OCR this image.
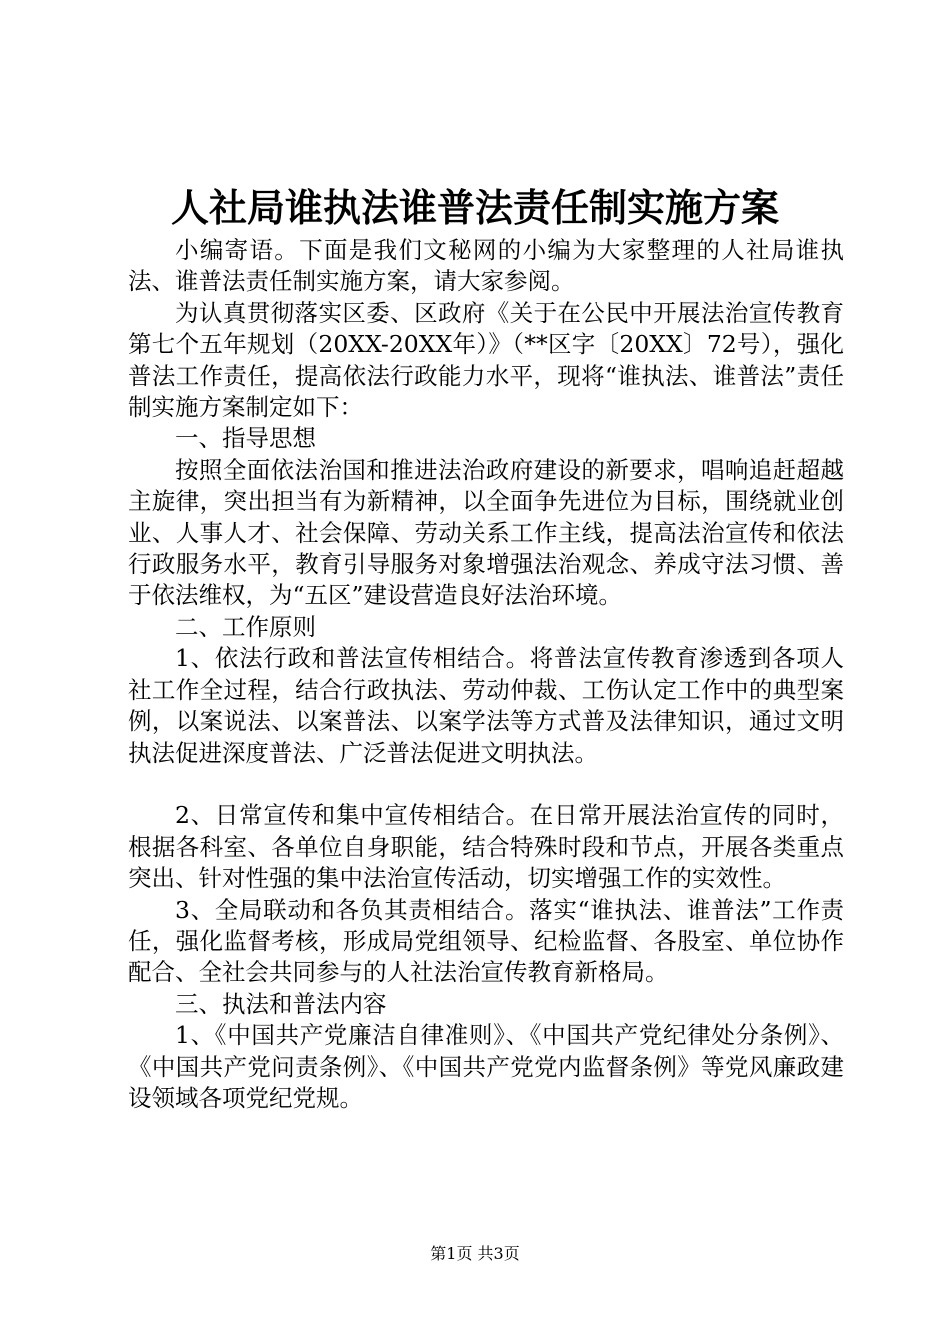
人社局谁执法谁普法责任制实施方案

小编寄语。下面是我们文秘网的小编为大家整理的人社局谁执法、谁普法责任制实施方案，请大家参阅。

为认真贯彻落实区委、区政府《关于在公民中开展法治宣传教育第七个五年规划（20XX-20XX年）》（**区字〔20XX〕72号），强化普法工作责任，提高依法行政能力水平，现将“谁执法、谁普法”责任制实施方案制定如下：

一、指导思想

按照全面依法治国和推进法治政府建设的新要求，唱响追赶超越主旋律，突出担当有为新精神，以全面争先进位为目标，围绕就业创业、人事人才、社会保障、劳动关系工作主线，提高法治宣传和依法行政服务水平，教育引导服务对象增强法治观念、养成守法习惯、善于依法维权，为“五区”建设营造良好法治环境。

二、工作原则

1、依法行政和普法宣传相结合。将普法宣传教育渗透到各项人社工作全过程，结合行政执法、劳动仲裁、工伤认定工作中的典型案例，以案说法、以案普法、以案学法等方式普及法律知识，通过文明执法促进深度普法、广泛普法促进文明执法。

2、日常宣传和集中宣传相结合。在日常开展法治宣传的同时，根据各科室、各单位自身职能，结合特殊时段和节点，开展各类重点突出、针对性强的集中法治宣传活动，切实增强工作的实效性。

3、全局联动和各负其责相结合。落实“谁执法、谁普法”工作责任，强化监督考核，形成局党组领导、纪检监督、各股室、单位协作配合、全社会共同参与的人社法治宣传教育新格局。

三、执法和普法内容

1、《中国共产党廉洁自律准则》、《中国共产党纪律处分条例》、《中国共产党问责条例》、《中国共产党党内监督条例》等党风廉政建设领域各项党纪党规。

第1页 共3页
